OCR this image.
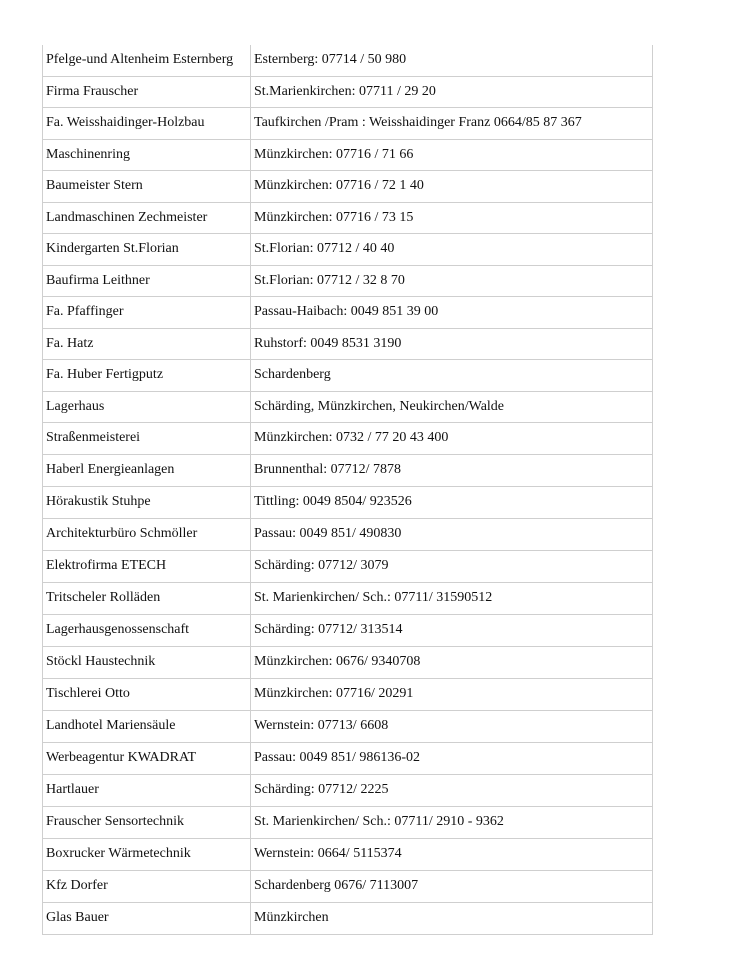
Pfelge-und Altenheim Esternberg	Esternberg: 07714 / 50 980
Firma Frauscher	St.Marienkirchen: 07711 / 29 20
Fa. Weisshaidinger-Holzbau	Taufkirchen /Pram : Weisshaidinger Franz 0664/85 87 367
Maschinenring	Münzkirchen: 07716 / 71 66
Baumeister Stern	Münzkirchen: 07716 / 72 1 40
Landmaschinen Zechmeister	Münzkirchen: 07716 / 73 15
Kindergarten St.Florian	St.Florian: 07712 / 40 40
Baufirma Leithner	St.Florian: 07712 / 32 8 70
Fa. Pfaffinger	Passau-Haibach: 0049 851 39 00
Fa. Hatz	Ruhstorf: 0049 8531 3190
Fa. Huber Fertigputz	Schardenberg
Lagerhaus	Schärding, Münzkirchen, Neukirchen/Walde
Straßenmeisterei	Münzkirchen: 0732 / 77 20 43 400
Haberl Energieanlagen	Brunnenthal: 07712/ 7878
Hörakustik Stuhpe	Tittling: 0049 8504/ 923526
Architekturbüro Schmöller	Passau: 0049 851/ 490830
Elektrofirma ETECH	Schärding: 07712/ 3079
Tritscheler Rolläden	St. Marienkirchen/ Sch.: 07711/ 31590512
Lagerhausgenossenschaft	Schärding: 07712/ 313514
Stöckl Haustechnik	Münzkirchen: 0676/ 9340708
Tischlerei Otto	Münzkirchen: 07716/ 20291
Landhotel Mariensäule	Wernstein: 07713/ 6608
Werbeagentur KWADRAT	Passau: 0049 851/ 986136-02
Hartlauer	Schärding: 07712/ 2225
Frauscher Sensortechnik	St. Marienkirchen/ Sch.: 07711/ 2910 - 9362
Boxrucker Wärmetechnik	Wernstein: 0664/ 5115374
Kfz Dorfer	Schardenberg 0676/ 7113007
Glas Bauer	Münzkirchen
